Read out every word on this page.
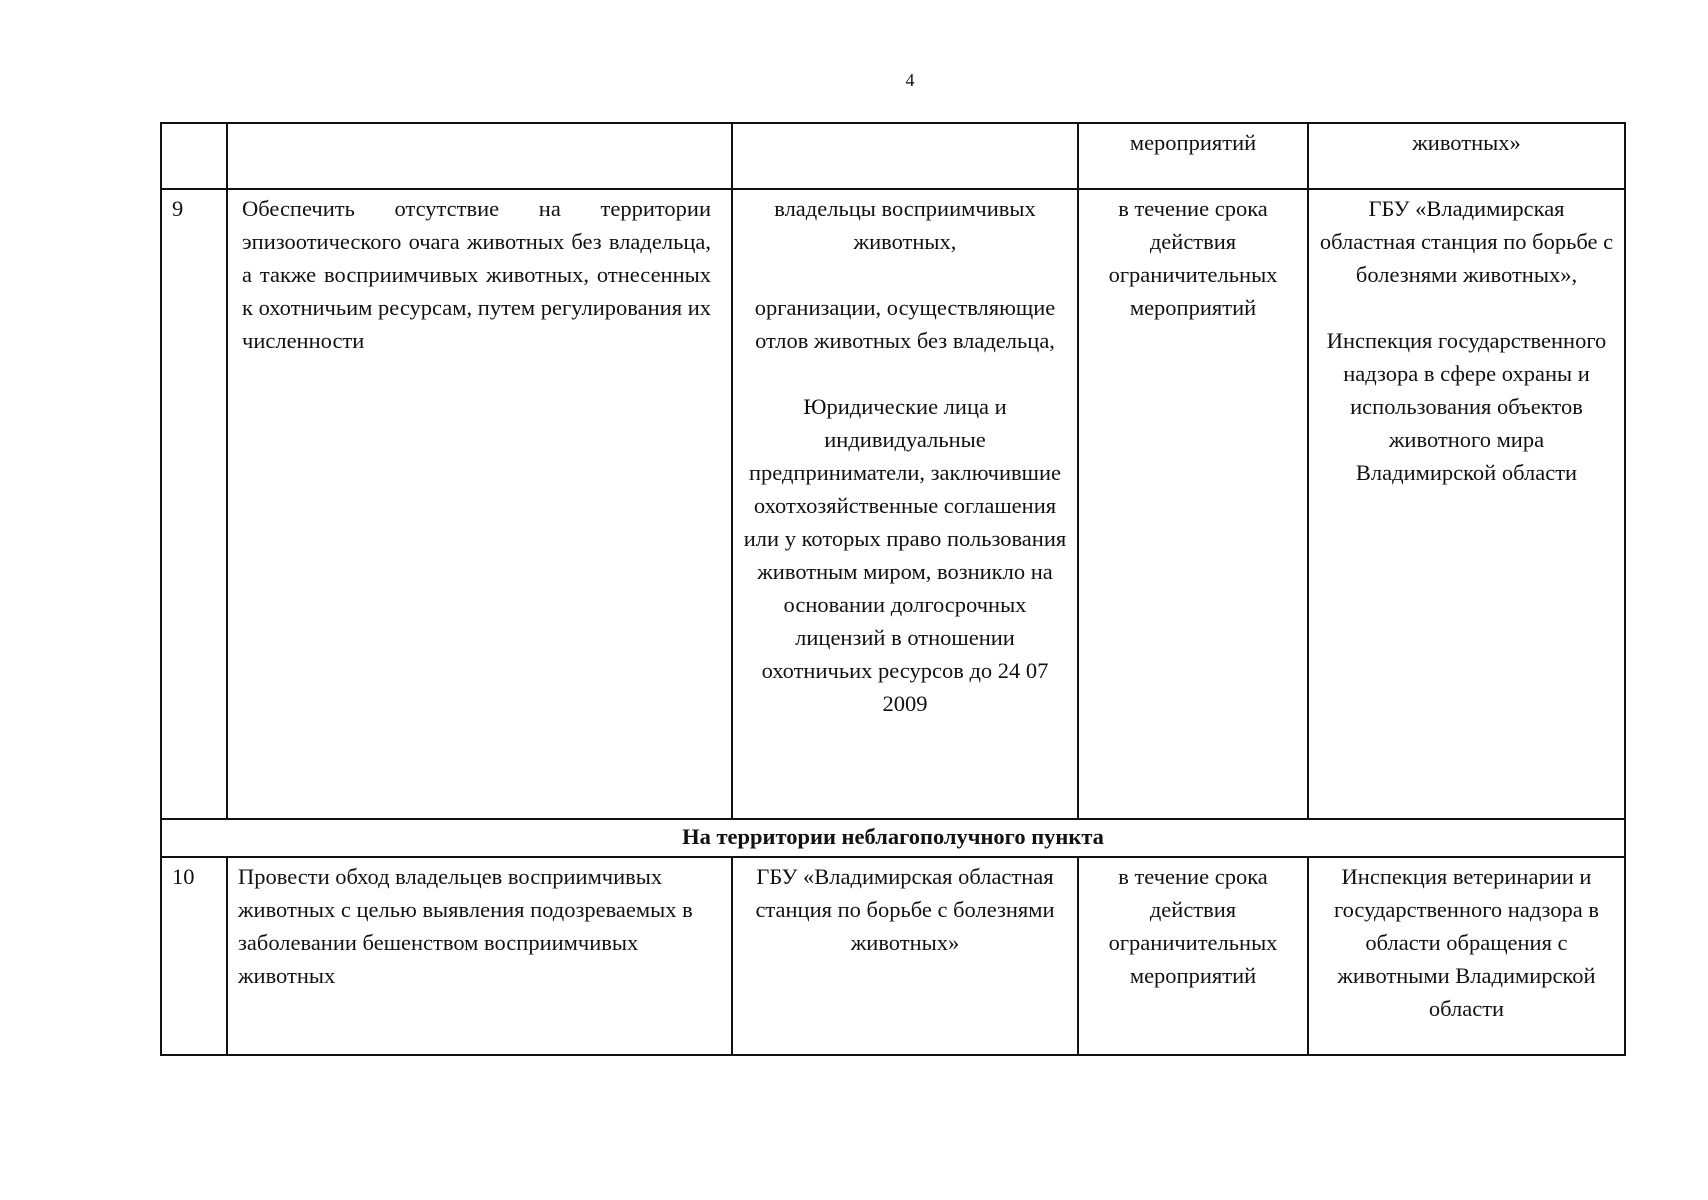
4
			мероприятий	животных»
9	Обеспечить отсутствие на территории эпизоотического очага животных без владельца, а также восприимчивых животных, отнесенных к охотничьим ресурсам, путем регулирования их численности	владельцы восприимчивых животных,
организации, осуществляющие отлов животных без владельца,
Юридические лица и индивидуальные предприниматели, заключившие охотхозяйственные соглашения или у которых право пользования животным миром, возникло на основании долгосрочных лицензий в отношении охотничьих ресурсов до 24 07 2009	в течение срока действия ограничительных мероприятий	ГБУ «Владимирская областная станция по борьбе с болезнями животных»,
Инспекция государственного надзора в сфере охраны и использования объектов животного мира Владимирской области

На территории неблагополучного пункта				
10	Провести обход владельцев восприимчивых животных с целью выявления подозреваемых в заболевании бешенством восприимчивых животных	ГБУ «Владимирская областная станция по борьбе с болезнями животных»	в течение срока действия ограничительных мероприятий	Инспекция ветеринарии и государственного надзора в области обращения с животными Владимирской области
